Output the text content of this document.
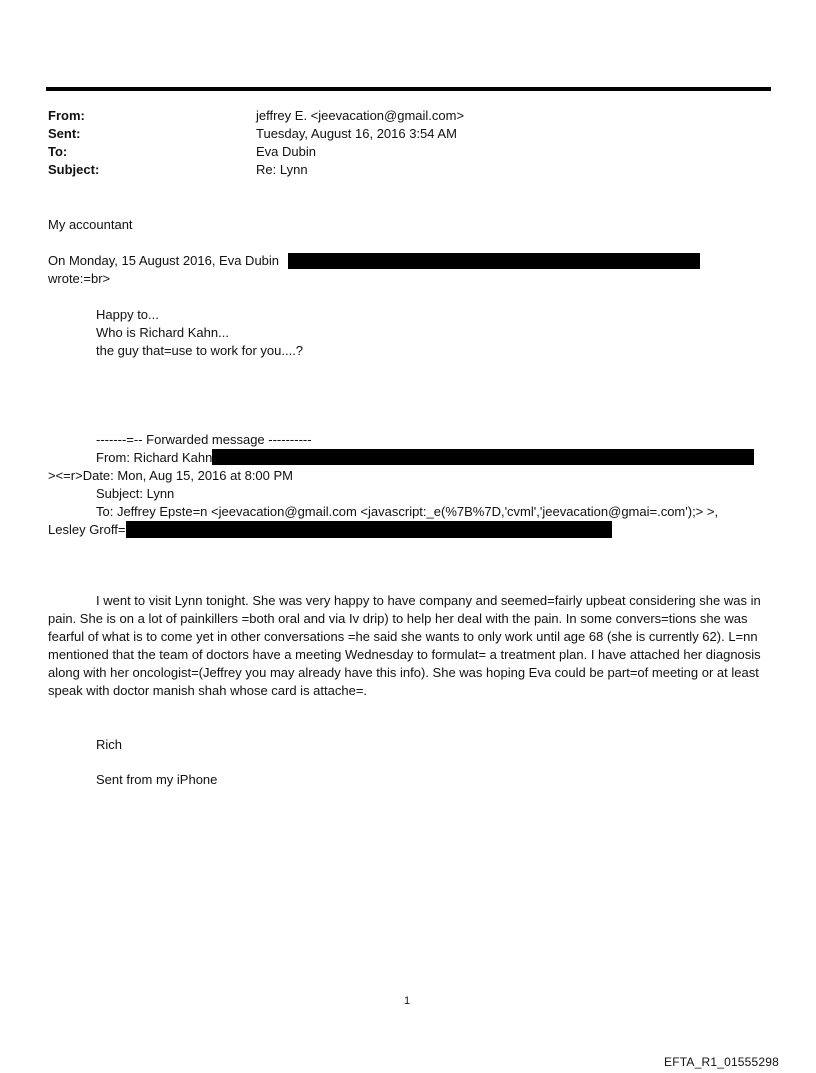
From:	jeffrey E. <jeevacation@gmail.com>
Sent:	Tuesday, August 16, 2016 3:54 AM
To:	Eva Dubin
Subject:	Re: Lynn
My accountant
On Monday, 15 August 2016, Eva Dubin
wrote:=br>
Happy to...
Who is Richard Kahn...
the guy that=use to work for you....?
-------=-- Forwarded message ----------
From: Richard Kahn
><=r>Date: Mon, Aug 15, 2016 at 8:00 PM
Subject: Lynn
To: Jeffrey Epste=n <jeevacation@gmail.com <javascript:_e(%7B%7D,'cvml','jeevacation@gmai=.com');> >,
Lesley Groff=
I went to visit Lynn tonight. She was very happy to have company and seemed=fairly upbeat considering she was in pain. She is on a lot of painkillers =both oral and via Iv drip) to help her deal with the pain. In some convers=tions she was fearful of what is to come yet in other conversations =he said she wants to only work until age 68 (she is currently 62). L=nn mentioned that the team of doctors have a meeting Wednesday to formulat= a treatment plan. I have attached her diagnosis along with her oncologist=(Jeffrey you may already have this info). She was hoping Eva could be part=of meeting or at least speak with doctor manish shah whose card is attache=.
Rich
Sent from my iPhone
1
EFTA_R1_01555298
